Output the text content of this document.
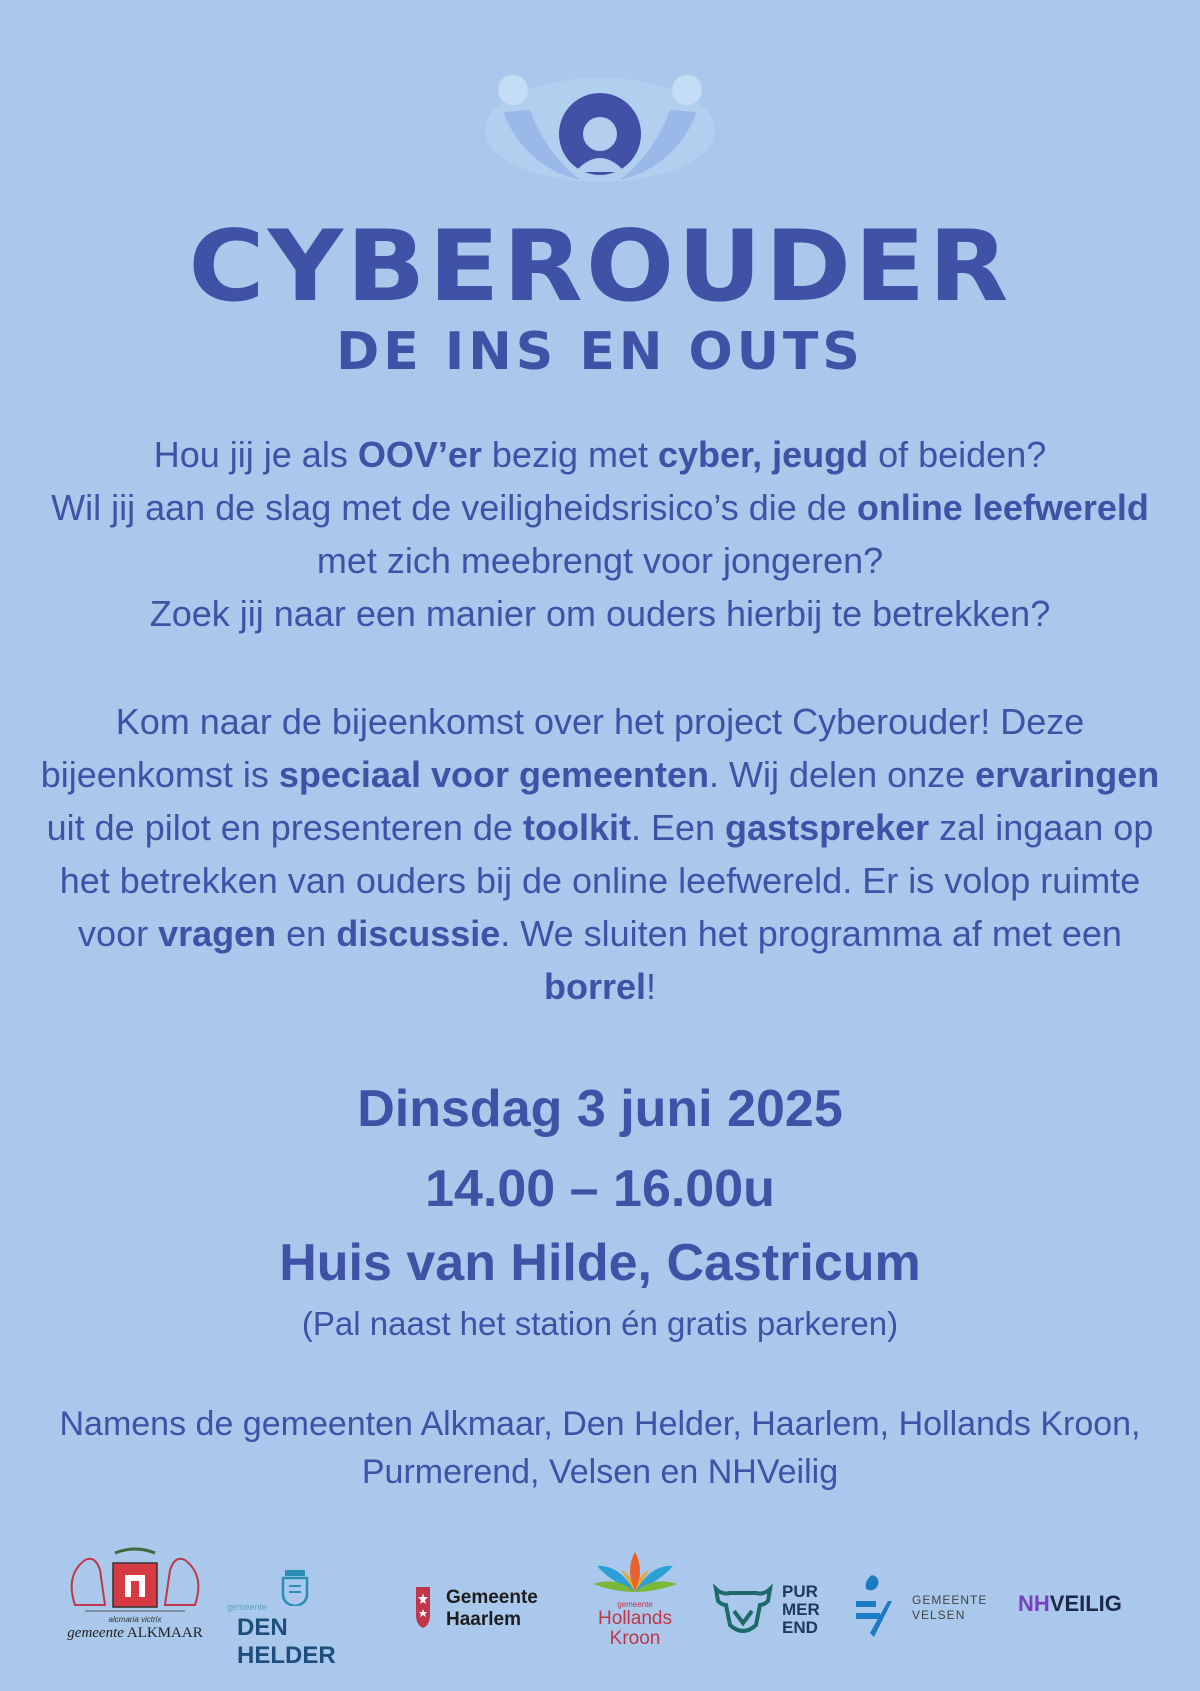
CYBEROUDER
DE INS EN OUTS
Hou jij je als OOV’er bezig met cyber, jeugd of beiden?
Wil jij aan de slag met de veiligheidsrisico’s die de online leefwereld met zich meebrengt voor jongeren?
Zoek jij naar een manier om ouders hierbij te betrekken?
Kom naar de bijeenkomst over het project Cyberouder! Deze bijeenkomst is speciaal voor gemeenten. Wij delen onze ervaringen uit de pilot en presenteren de toolkit. Een gastspreker zal ingaan op het betrekken van ouders bij de online leefwereld. Er is volop ruimte voor vragen en discussie. We sluiten het programma af met een borrel!
Dinsdag 3 juni 2025
14.00 – 16.00u
Huis van Hilde, Castricum
(Pal naast het station én gratis parkeren)
Namens de gemeenten Alkmaar, Den Helder, Haarlem, Hollands Kroon, Purmerend, Velsen en NHVeilig
alcmaria victrix
gemeente ALKMAAR
gemeente
DEN HELDER
Gemeente
Haarlem
gemeente
Hollands
Kroon
PUR
MER
END
GEMEENTE
VELSEN NHVEILIG
